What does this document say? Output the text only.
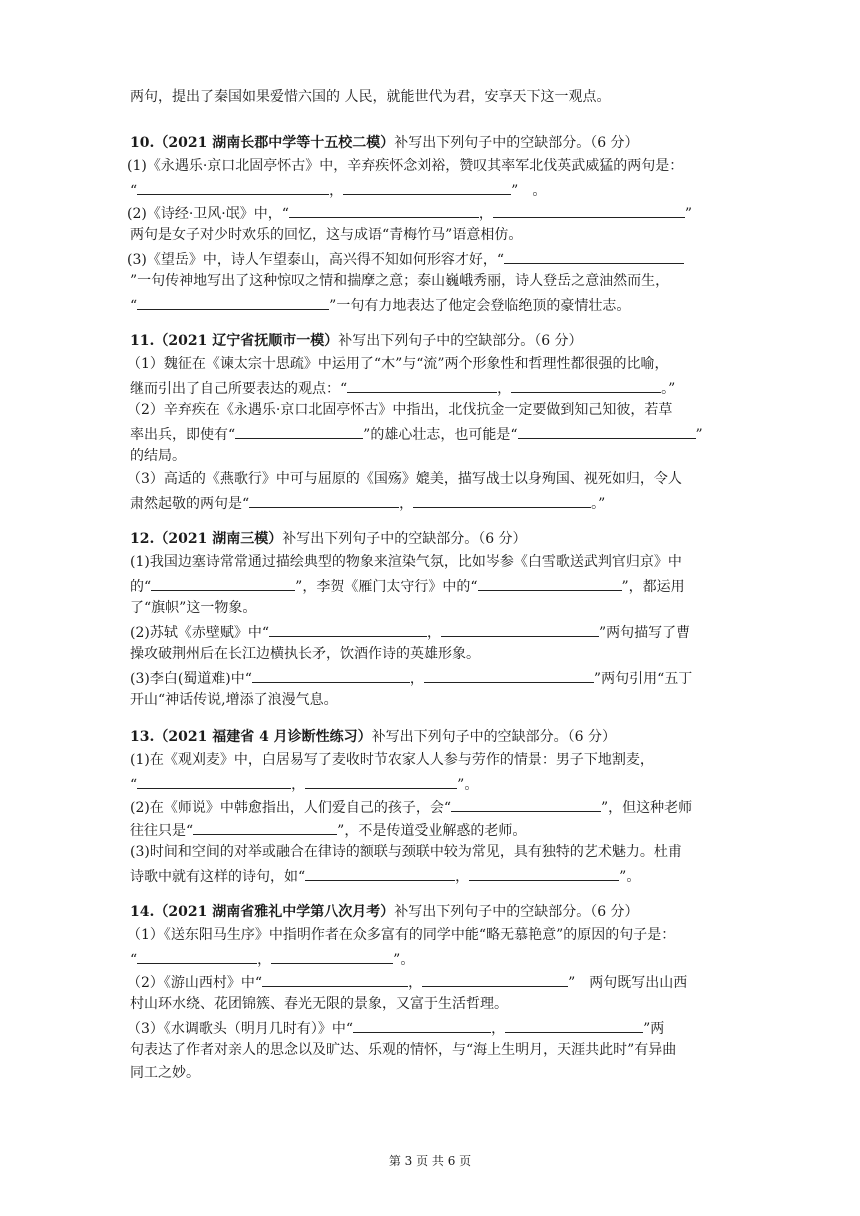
两句，提出了秦国如果爱惜六国的 人民，就能世代为君，安享天下这一观点。
10.（2021 湖南长郡中学等十五校二模）补写出下列句子中的空缺部分。（6 分）
(1)《永遇乐·京口北固亭怀古》中，辛弃疾怀念刘裕，赞叹其率军北伐英武威猛的两句是：
“	，	”　。
(2)《诗经·卫风·氓》中，“	，	”
两句是女子对少时欢乐的回忆，这与成语“青梅竹马”语意相仿。
(3)《望岳》中，诗人乍望泰山，高兴得不知如何形容才好，“
”一句传神地写出了这种惊叹之情和揣摩之意；泰山巍峨秀丽，诗人登岳之意油然而生，
“	”一句有力地表达了他定会登临绝顶的豪情壮志。
11.（2021 辽宁省抚顺市一模）补写出下列句子中的空缺部分。（6 分）
（1）魏征在《谏太宗十思疏》中运用了“木”与“流”两个形象性和哲理性都很强的比喻，
继而引出了自己所要表达的观点：“	，	。”
（2）辛弃疾在《永遇乐·京口北固亭怀古》中指出，北伐抗金一定要做到知己知彼，若草
率出兵，即使有“	”的雄心壮志，也可能是“	”
的结局。
（3）高适的《燕歌行》中可与屈原的《国殇》媲美，描写战士以身殉国、视死如归，令人
肃然起敬的两句是“	，	。”
12.（2021 湖南三模）补写出下列句子中的空缺部分。（6 分）
(1)我国边塞诗常常通过描绘典型的物象来渲染气氛，比如岑参《白雪歌送武判官归京》中
的“	”，李贺《雁门太守行》中的“	”，都运用
了“旗帜”这一物象。
(2)苏轼《赤壁赋》中“	，	”两句描写了曹
操攻破荆州后在长江边横执长矛，饮酒作诗的英雄形象。
(3)李白(蜀道难)中“	，	”两句引用“五丁
开山“神话传说,增添了浪漫气息。
13.（2021 福建省 4 月诊断性练习）补写出下列句子中的空缺部分。（6 分）
(1)在《观刈麦》中，白居易写了麦收时节农家人人参与劳作的情景：男子下地割麦，
“	，	”。
(2)在《师说》中韩愈指出，人们爱自己的孩子，会“	”，但这种老师
往往只是“	”，不是传道受业解惑的老师。
(3)时间和空间的对举或融合在律诗的额联与颈联中较为常见，具有独特的艺术魅力。杜甫
诗歌中就有这样的诗句，如“	，	”。
14.（2021 湖南省雅礼中学第八次月考）补写出下列句子中的空缺部分。（6 分）
（1）《送东阳马生序》中指明作者在众多富有的同学中能“略无慕艳意”的原因的句子是：
“	，	”。
（2）《游山西村》中“	，	”　两句既写出山西
村山环水绕、花团锦簇、春光无限的景象，又富于生活哲理。
（3）《水调歌头（明月几时有）》中“	，	”两
句表达了作者对亲人的思念以及旷达、乐观的情怀，与“海上生明月，天涯共此时”有异曲
同工之妙。
第 3 页 共 6 页
